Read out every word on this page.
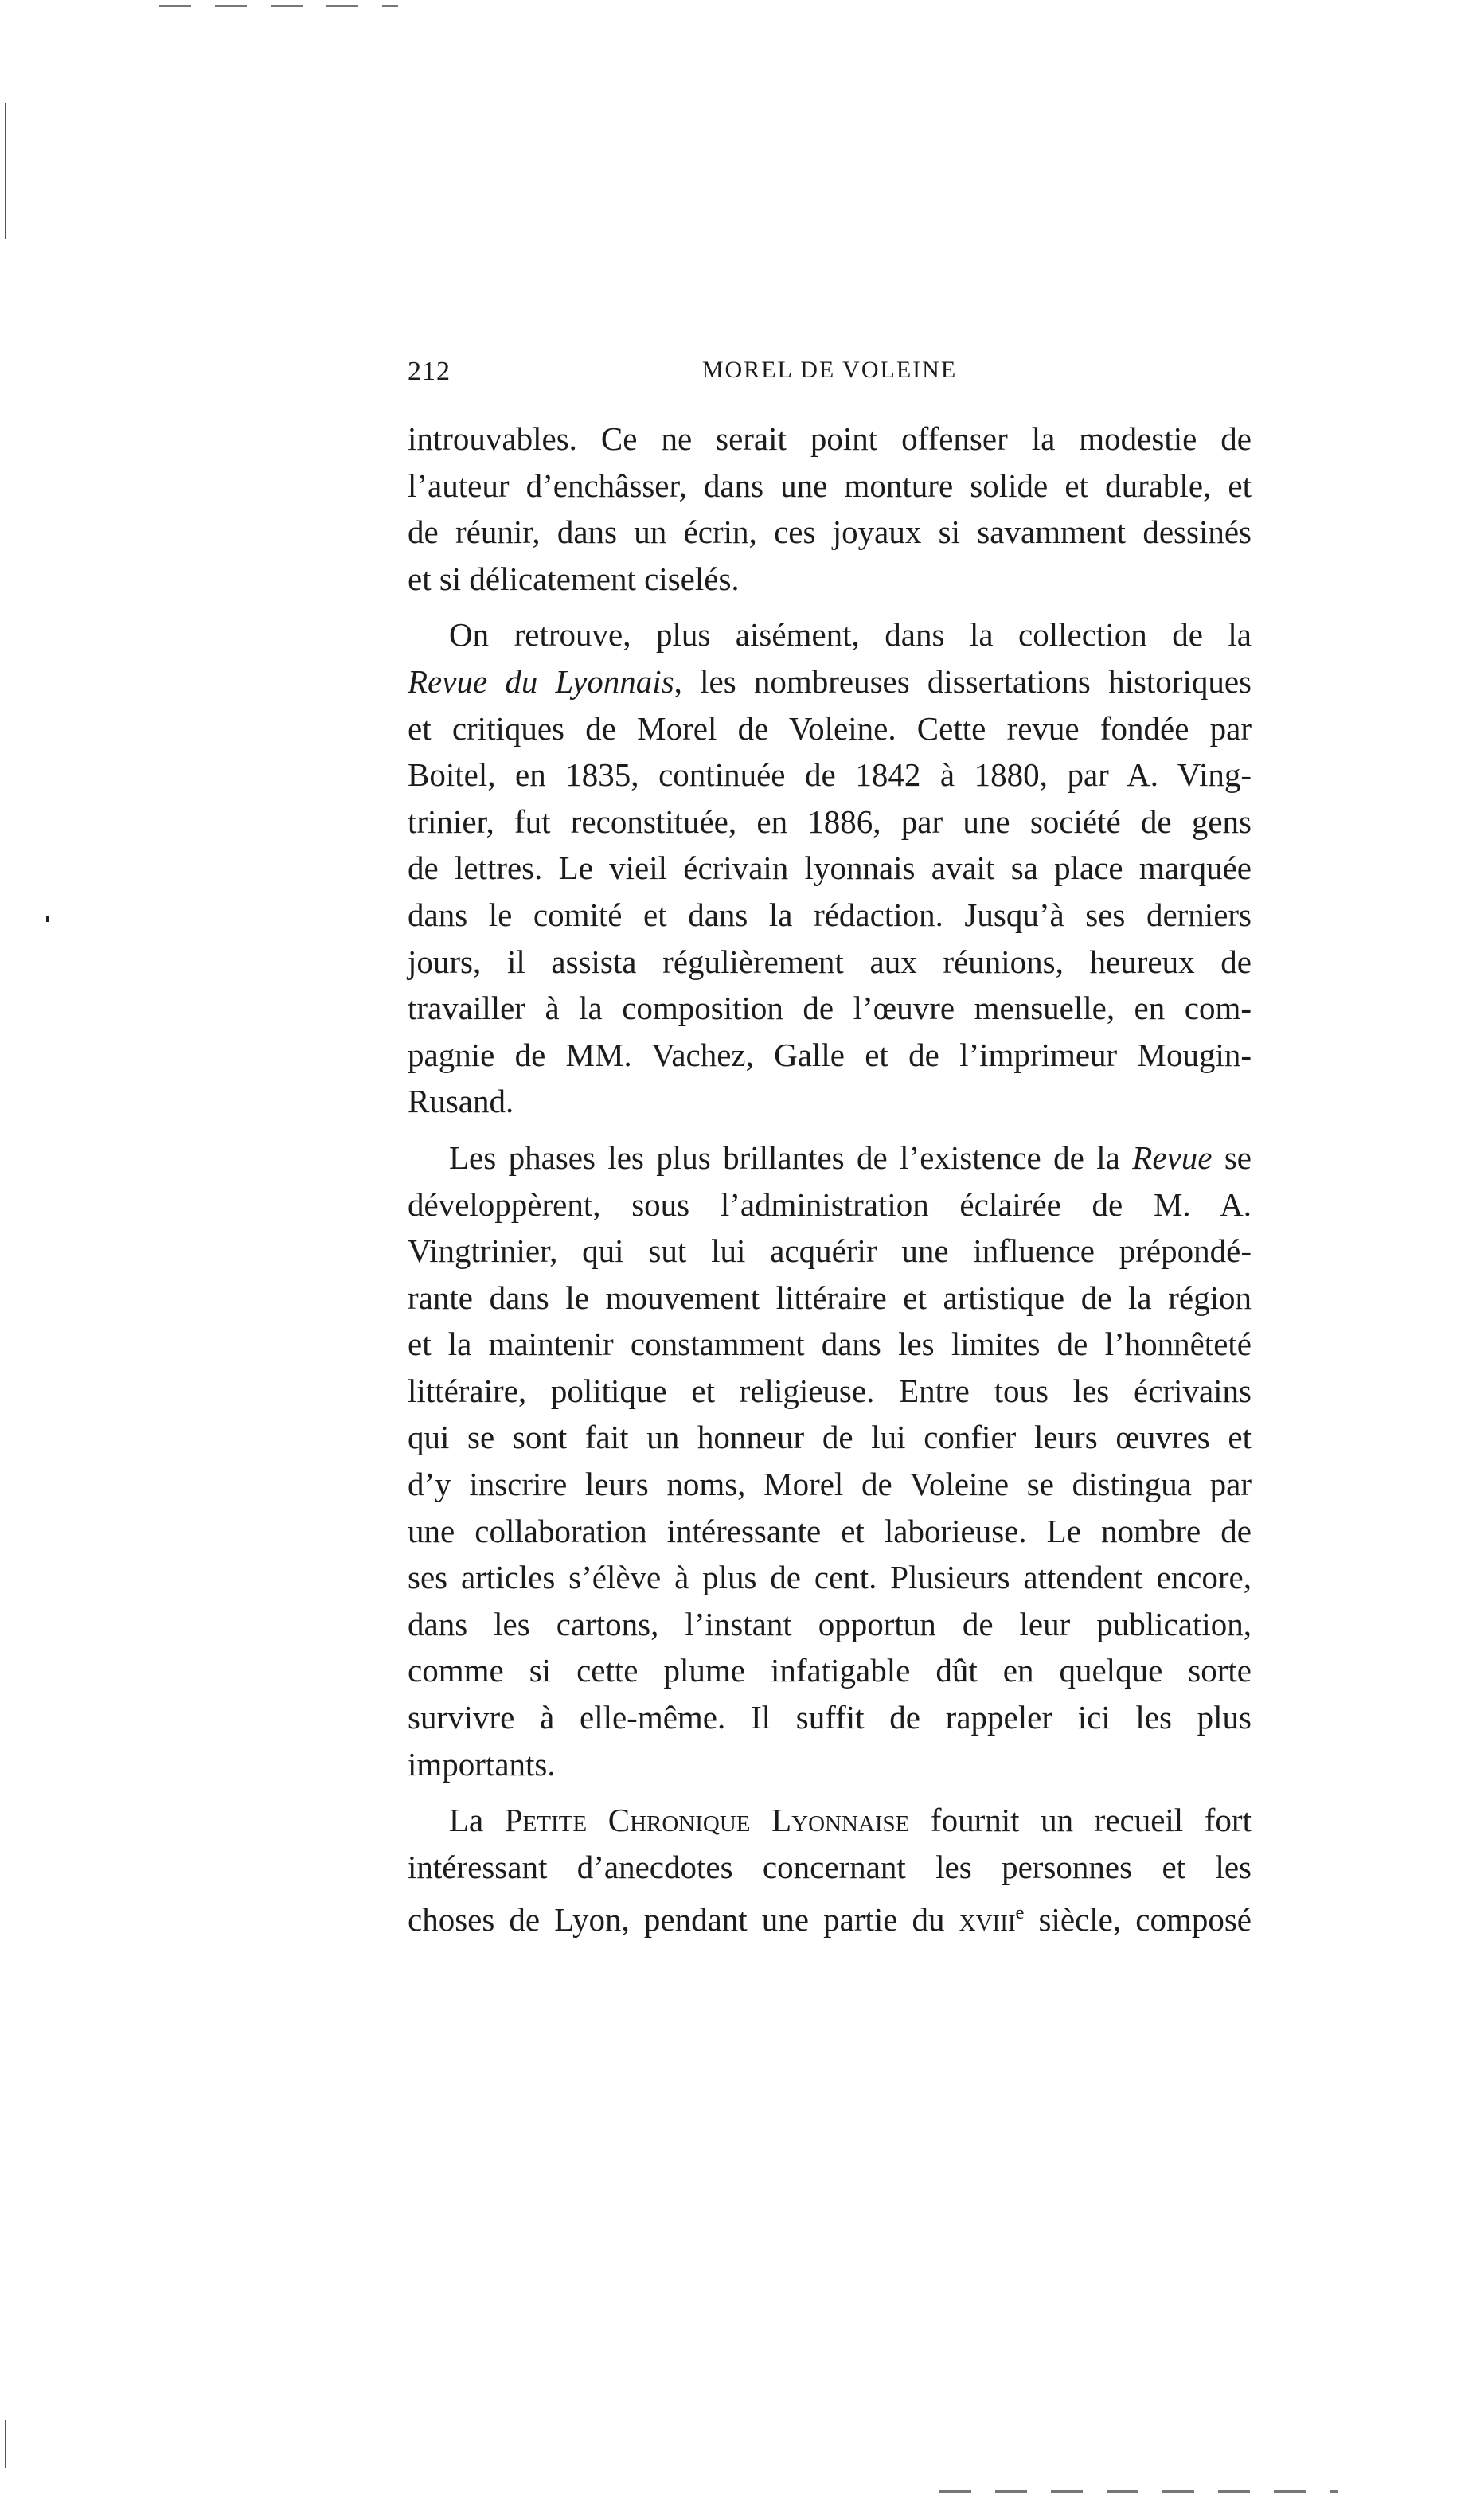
212	MOREL DE VOLEINE
introuvables. Ce ne serait point offenser la modestie de
l’auteur d’enchâsser, dans une monture solide et durable, et
de réunir, dans un écrin, ces joyaux si savamment dessinés
et si délicatement ciselés.
On retrouve, plus aisément, dans la collection de la
Revue du Lyonnais, les nombreuses dissertations historiques
et critiques de Morel de Voleine. Cette revue fondée par
Boitel, en 1835, continuée de 1842 à 1880, par A. Ving-
trinier, fut reconstituée, en 1886, par une société de gens
de lettres. Le vieil écrivain lyonnais avait sa place marquée
dans le comité et dans la rédaction. Jusqu’à ses derniers
jours, il assista régulièrement aux réunions, heureux de
travailler à la composition de l’œuvre mensuelle, en com-
pagnie de MM. Vachez, Galle et de l’imprimeur Mougin-
Rusand.
Les phases les plus brillantes de l’existence de la Revue se
développèrent, sous l’administration éclairée de M. A.
Vingtrinier, qui sut lui acquérir une influence prépondé-
rante dans le mouvement littéraire et artistique de la région
et la maintenir constamment dans les limites de l’honnêteté
littéraire, politique et religieuse. Entre tous les écrivains
qui se sont fait un honneur de lui confier leurs œuvres et
d’y inscrire leurs noms, Morel de Voleine se distingua par
une collaboration intéressante et laborieuse. Le nombre de
ses articles s’élève à plus de cent. Plusieurs attendent encore,
dans les cartons, l’instant opportun de leur publication,
comme si cette plume infatigable dût en quelque sorte
survivre à elle-même. Il suffit de rappeler ici les plus
importants.
La Petite Chronique Lyonnaise fournit un recueil fort
intéressant d’anecdotes concernant les personnes et les
choses de Lyon, pendant une partie du xviii$^e$ siècle, composé
